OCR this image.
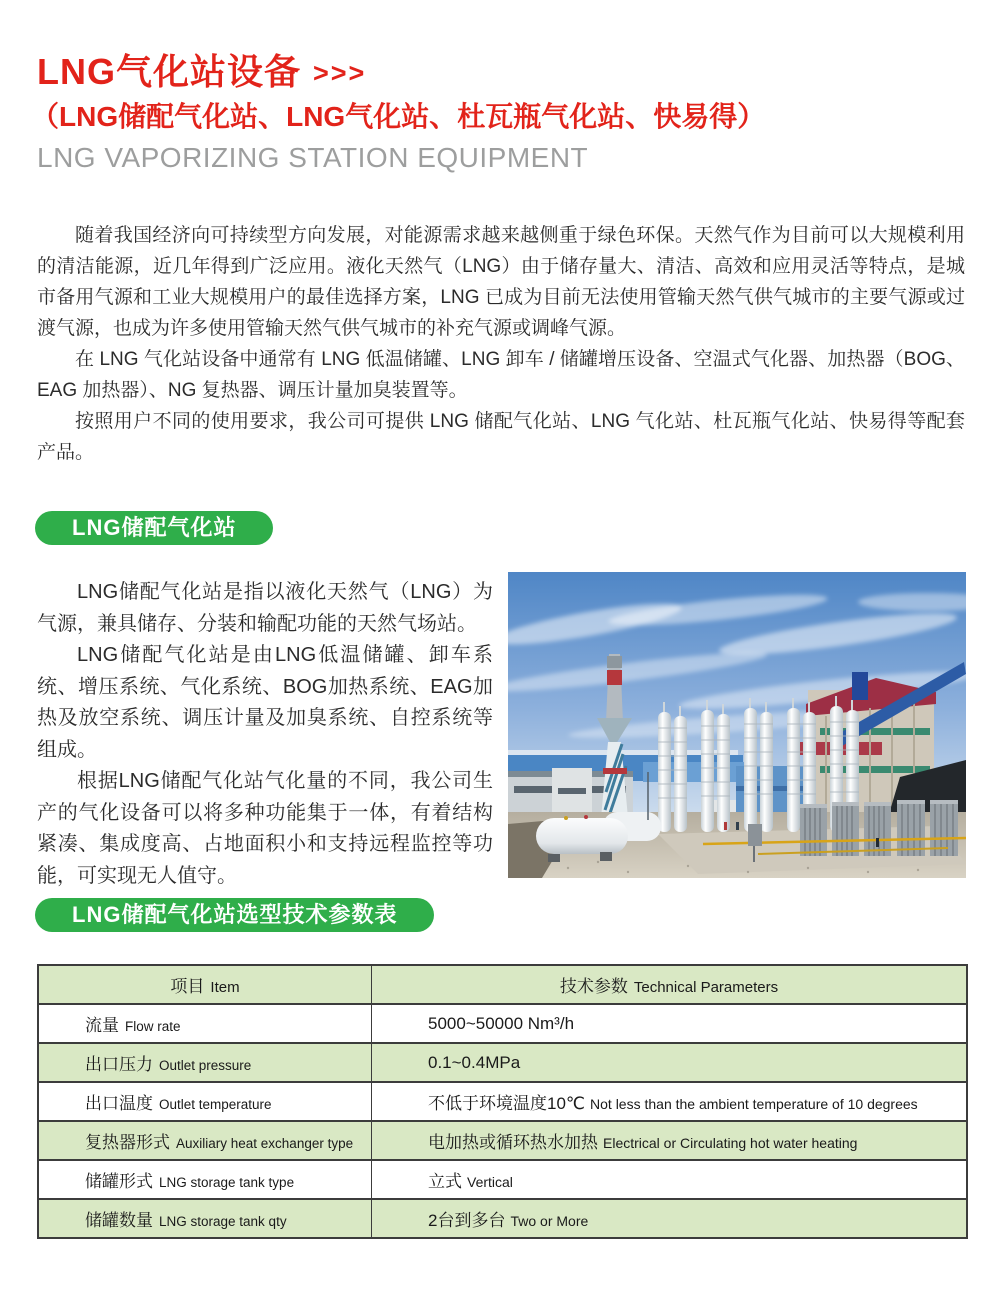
LNG气化站设备 >>>
（LNG储配气化站、LNG气化站、杜瓦瓶气化站、快易得）
LNG VAPORIZING STATION EQUIPMENT

随着我国经济向可持续型方向发展，对能源需求越来越侧重于绿色环保。天然气作为目前可以大规模利用的清洁能源，近几年得到广泛应用。液化天然气（LNG）由于储存量大、清洁、高效和应用灵活等特点，是城市备用气源和工业大规模用户的最佳选择方案，LNG 已成为目前无法使用管输天然气供气城市的主要气源或过渡气源，也成为许多使用管输天然气供气城市的补充气源或调峰气源。

在 LNG 气化站设备中通常有 LNG 低温储罐、LNG 卸车 / 储罐增压设备、空温式气化器、加热器（BOG、EAG 加热器）、NG 复热器、调压计量加臭装置等。

按照用户不同的使用要求，我公司可提供 LNG 储配气化站、LNG 气化站、杜瓦瓶气化站、快易得等配套产品。

LNG储配气化站

LNG储配气化站是指以液化天然气（LNG）为气源，兼具储存、分装和输配功能的天然气场站。

LNG储配气化站是由LNG低温储罐、卸车系统、增压系统、气化系统、BOG加热系统、EAG加热及放空系统、调压计量及加臭系统、自控系统等组成。

根据LNG储配气化站气化量的不同，我公司生产的气化设备可以将多种功能集于一体，有着结构紧凑、集成度高、占地面积小和支持远程监控等功能，可实现无人值守。

LNG储配气化站选型技术参数表
项目 Item	技术参数 Technical Parameters
流量 Flow rate	5000~50000 Nm³/h
出口压力 Outlet pressure	0.1~0.4MPa
出口温度 Outlet temperature	不低于环境温度10℃ Not less than the ambient temperature of 10 degrees
复热器形式 Auxiliary heat exchanger type	电加热或循环热水加热 Electrical or Circulating hot water heating
储罐形式 LNG storage tank type	立式 Vertical
储罐数量 LNG storage tank qty	2台到多台 Two or More
